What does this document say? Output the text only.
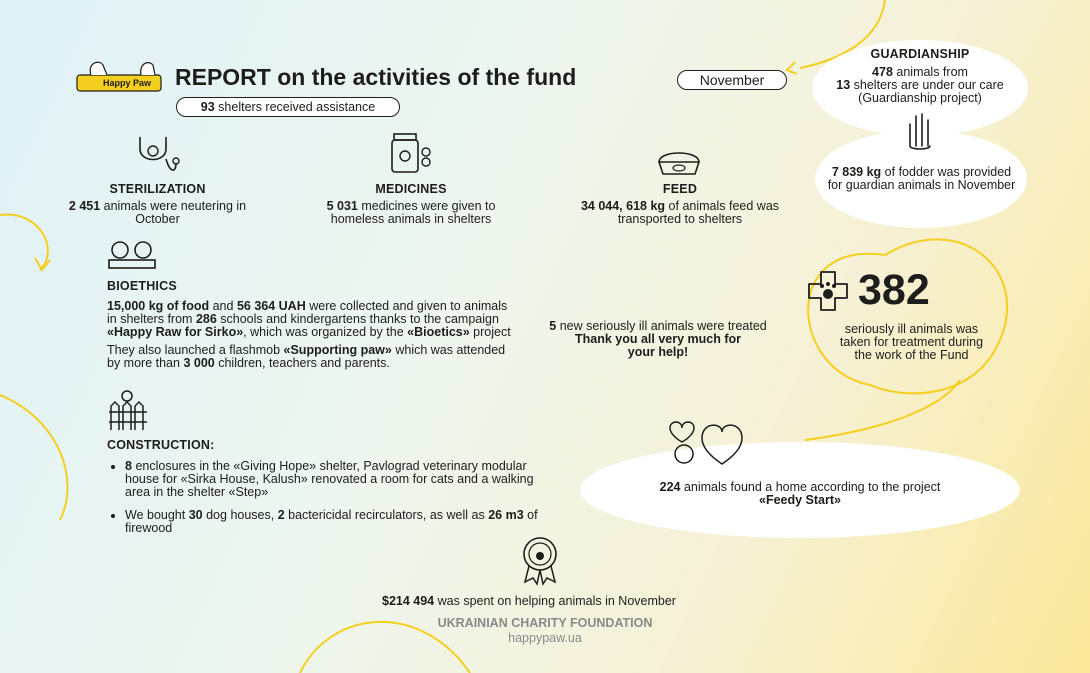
Happy Paw REPORT on the activities of the fund	November
93 shelters received assistance
GUARDIANSHIP
478 animals from
13 shelters are under our care
(Guardianship project)
7 839 kg of fodder was provided for guardian animals in November
STERILIZATION
2 451 animals were neutering in October
MEDICINES
5 031 medicines were given to homeless animals in shelters
FEED
34 044, 618 kg of animals feed was transported to shelters
BIOETHICS
15,000 kg of food and 56 364 UAH were collected and given to animals in shelters from 286 schools and kindergartens thanks to the campaign «Happy Raw for Sirko», which was organized by the «Bioetics» project
They also launched a flashmob «Supporting paw» which was attended by more than 3 000 children, teachers and parents.
5 new seriously ill animals were treated
Thank you all very much for your help!
382
seriously ill animals was taken for treatment during the work of the Fund
CONSTRUCTION:
• 8 enclosures in the «Giving Hope» shelter, Pavlograd veterinary modular house for «Sirka House, Kalush» renovated a room for cats and a walking area in the shelter «Step»
• We bought 30 dog houses, 2 bactericidal recirculators, as well as 26 m3 of firewood
224 animals found a home according to the project
«Feedy Start»
$214 494 was spent on helping animals in November
UKRAINIAN CHARITY FOUNDATION
happypaw.ua
